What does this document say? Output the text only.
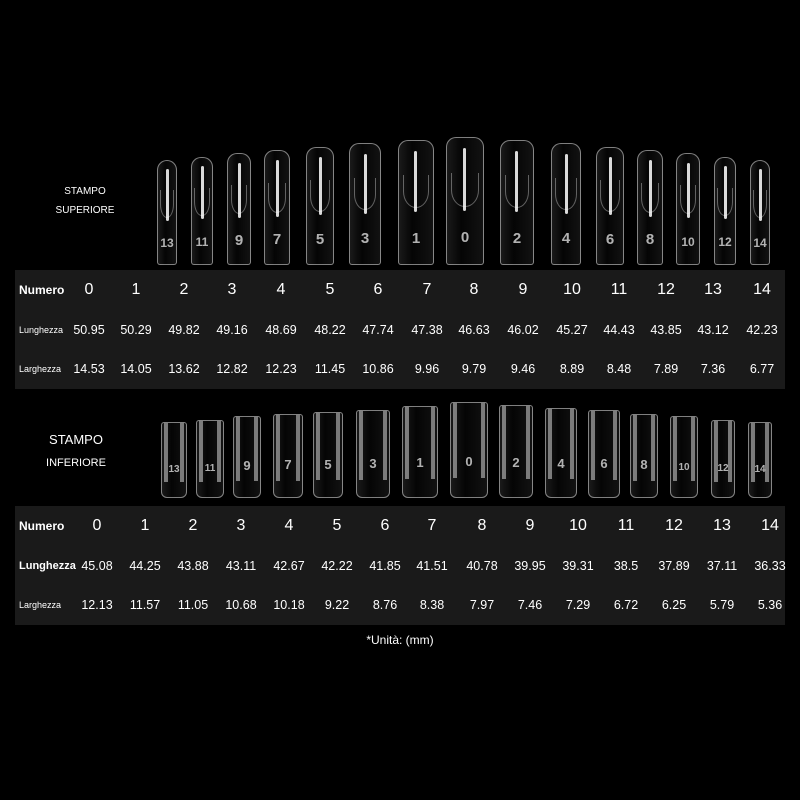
STAMPO
SUPERIORE
13	11	9	7	5	3	1	0	2	4	6	8	10	12 14
Numero	0	1	2	3	4	5	6	7	8	9	10	11	12	13	14
Lunghezza 50.95	50.29	49.82	49.16	48.69	48.22	47.74	47.38	46.63	46.02	45.27	44.43	43.85	43.12	42.23
Larghezza 14.53	14.05	13.62	12.82	12.23	11.45	10.86	9.96	9.79	9.46	8.89	8.48	7.89	7.36	6.77
STAMPO
INFERIORE
13	11	9	7	5	3	1	0	2	4	6	8	10	12	14
Numero	0	1	2	3	4	5	6	7	8	9	10	11	12	13	14
Lunghezza 45.08	44.25	43.88	43.11	42.67	42.22	41.85	41.51	40.78	39.95	39.31	38.5	37.89	37.11	36.33
Larghezza	12.13	11.57	11.05	10.68	10.18	9.22	8.76	8.38	7.97	7.46	7.29	6.72	6.25	5.79	5.36
*Unità: (mm)
